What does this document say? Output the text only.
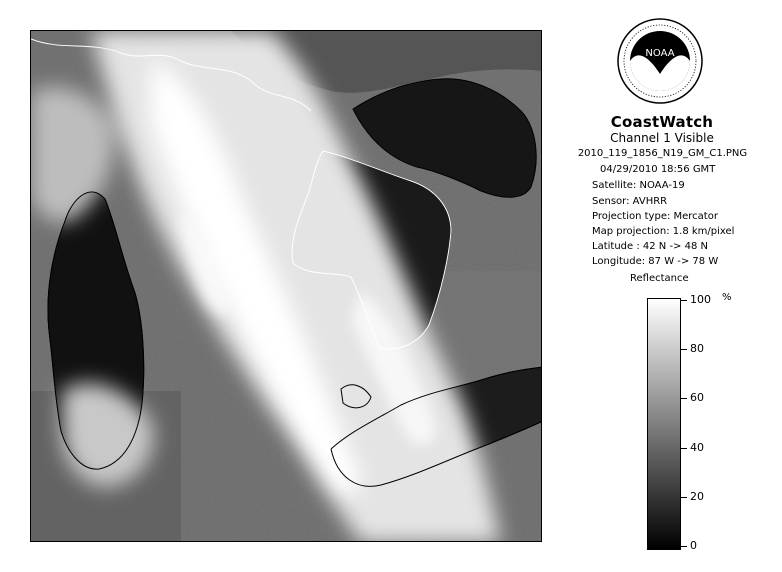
NOAA
CoastWatch
Channel 1 Visible
2010_119_1856_N19_GM_C1.PNG
04/29/2010 18:56 GMT
Satellite: NOAA-19
Sensor: AVHRR
Projection type: Mercator
Map projection: 1.8 km/pixel
Latitude : 42 N -> 48 N
Longitude: 87 W -> 78 W
Reflectance
%
100
80
60
40
20
0
